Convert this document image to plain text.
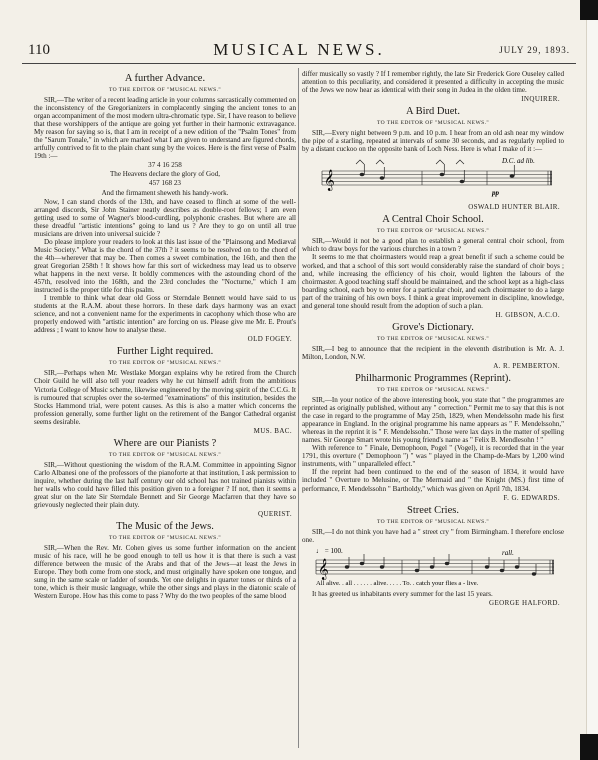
110	MUSICAL NEWS.	JULY 29, 1893.
A further Advance.
TO THE EDITOR OF "MUSICAL NEWS."

SIR,—The writer of a recent leading article in your columns sarcastically commented on the inconsistency of the Gregorianizers in complacently singing the ancient tones to an organ accompaniment of the most modern ultra-chromatic type. Sir, I have reason to believe that these worshippers of the antique are going yet further in their harmonic extravagance. My reason for saying so is, that I am in receipt of a new edition of the "Psalm Tones" from the "Sarum Tonale," in which are marked what I am given to understand are figured chords, artfully contrived to fit to the plain chant sung by the voices. Here is the first verse of Psalm 19th :—

37 4 16 258
The Heavens declare the glory of God,
457 168 23
And the firmament sheweth his handy-work.

Now, I can stand chords of the 13th, and have ceased to flinch at some of the well-arranged discords, Sir John Stainer neatly describes as double-root fellows; I am even getting used to some of Wagner's blood-curdling, polyphonic crashes. But where are all these dreadful "artistic intentions" going to land us ? Are they to go on until all true musicians are driven into universal suicide ?

Do please implore your readers to look at this last issue of the "Plainsong and Mediæval Music Society." What is the chord of the 37th ? it seems to be resolved on to the chord of the 4th—wherever that may be. Then comes a sweet combination, the 16th, and then the great Gregorian 258th ! It shows how far this sort of wickedness may lead us to observe what happens in the next verse. It boldly commences with the astounding chord of the 457th, resolved into the 168th, and the 23rd concludes the "Nocturne," which I am instructed is the proper title for this psalm.

I tremble to think what dear old Goss or Sterndale Bennett would have said to us students at the R.A.M. about these horrors. In these dark days harmony was an exact science, and not a convenient name for the experiments in cacophony which those who are properly endowed with "artistic intention" are forcing on us. Please give me Mr. E. Prout's address ; I want to know how to analyse these.

OLD FOGEY.
Further Light required.
TO THE EDITOR OF "MUSICAL NEWS."

SIR,—Perhaps when Mr. Westlake Morgan explains why he retired from the Church Choir Guild he will also tell your readers why he cut himself adrift from the ambitious Victoria College of Music scheme, likewise engineered by the moving spirit of the C.C.G. It is rumoured that scruples over the so-termed "examinations" of this institution, besides the Stocks Hammond trial, were potent causes. As this is also a matter which concerns the profession generally, some further light on the retirement of the Bangor Cathedral organist seems desirable.

MUS. BAC.
Where are our Pianists ?
TO THE EDITOR OF "MUSICAL NEWS."

SIR,—Without questioning the wisdom of the R.A.M. Committee in appointing Signor Carlo Albanesi one of the professors of the pianoforte at that institution, I ask permission to inquire, whether during the last half century our old school has not trained pianists within her walls who could have filled this position given to a foreigner ? If not, then it seems a great slur on the late Sir Sterndale Bennett and Sir George Macfarren that they have so grievously neglected their plain duty.

QUERIST.
The Music of the Jews.
TO THE EDITOR OF "MUSICAL NEWS."

SIR,—When the Rev. Mr. Cohen gives us some further information on the ancient music of his race, will he be good enough to tell us how it is that there is such a vast difference between the music of the Arabs and that of the Jews—at least the Jews in Europe. They both come from one stock, and must originally have spoken one tongue, and sung in the same scale or ladder of sounds. Yet one delights in quarter tones or thirds of a tone, which is their music language, while the other sings and plays in the diatonic scale of Western Europe. How has this come to pass ? Why do the two peoples of the same blood

differ musically so vastly ? If I remember rightly, the late Sir Frederick Gore Ouseley called attention to this peculiarity, and considered it presented a difficulty in accepting the music of the Jews we now hear as identical with their song in Judea in the olden time.

INQUIRER.
A Bird Duet.
TO THE EDITOR OF "MUSICAL NEWS."

SIR,—Every night between 9 p.m. and 10 p.m. I hear from an old ash near my window the pipe of a starling, repeated at intervals of some 30 seconds, and as regularly replied to by a distant cuckoo on the opposite bank of Loch Ness. Here is what I make of it :—

𝄞
D.C. ad lib.
pp
OSWALD HUNTER BLAIR.
A Central Choir School.
TO THE EDITOR OF "MUSICAL NEWS."

SIR,—Would it not be a good plan to establish a general central choir school, from which to draw boys for the various churches in a town ?

It seems to me that choirmasters would reap a great benefit if such a scheme could be worked, and that a school of this sort would considerably raise the standard of choir boys ; and, while increasing the efficiency of his choir, would lighten the labours of the choirmaster. A good teaching staff should be maintained, and the school kept as a high-class boarding school, each boy to enter for a particular choir, and each choirmaster to do a large part of the training of his own boys. I think a great improvement in discipline, knowledge, and general tone should result from the adoption of such a plan.

H. GIBSON, A.C.O.
Grove's Dictionary.
TO THE EDITOR OF "MUSICAL NEWS."

SIR,—I beg to announce that the recipient in the eleventh distribution is Mr. A. J. Milton, London, N.W.

A. R. PEMBERTON.
Philharmonic Programmes (Reprint).
TO THE EDITOR OF "MUSICAL NEWS."

SIR,—In your notice of the above interesting book, you state that " the programmes are reprinted as originally published, without any " correction." Permit me to say that this is not the case in regard to the programme of May 25th, 1829, when Mendelssohn made his first appearance in England. In the original programme his name appears as " F. Mendelssohn," whereas in the reprint it is " F. Mendelssohn." Those were lax days in the matter of spelling names. Sir George Smart wrote his young friend's name as " Felix B. Mendlesohn ! "

With reference to " Finale, Demophoon, Pogel " (Vogel), it is recorded that in the year 1791, this overture (" Demophoon ") " was " played in the Champ-de-Mars by 1,200 wind instruments, with " unparalleled effect."

If the reprint had been continued to the end of the season of 1834, it would have included " Overture to Melusine, or The Mermaid and " the Knight (MS.) first time of performance, F. Mendelssohn " Bartholdy," which was given on April 7th, 1834.

F. G. EDWARDS.
Street Cries.
TO THE EDITOR OF "MUSICAL NEWS."

SIR,—I do not think you have had a " street cry " from Birmingham. I therefore enclose one.

♩ = 100.	rall.
𝄞
All alive. . all . . . . . . alive. . . . . To. . catch your flies a - live.

It has greeted us inhabitants every summer for the last 15 years.

GEORGE HALFORD.
